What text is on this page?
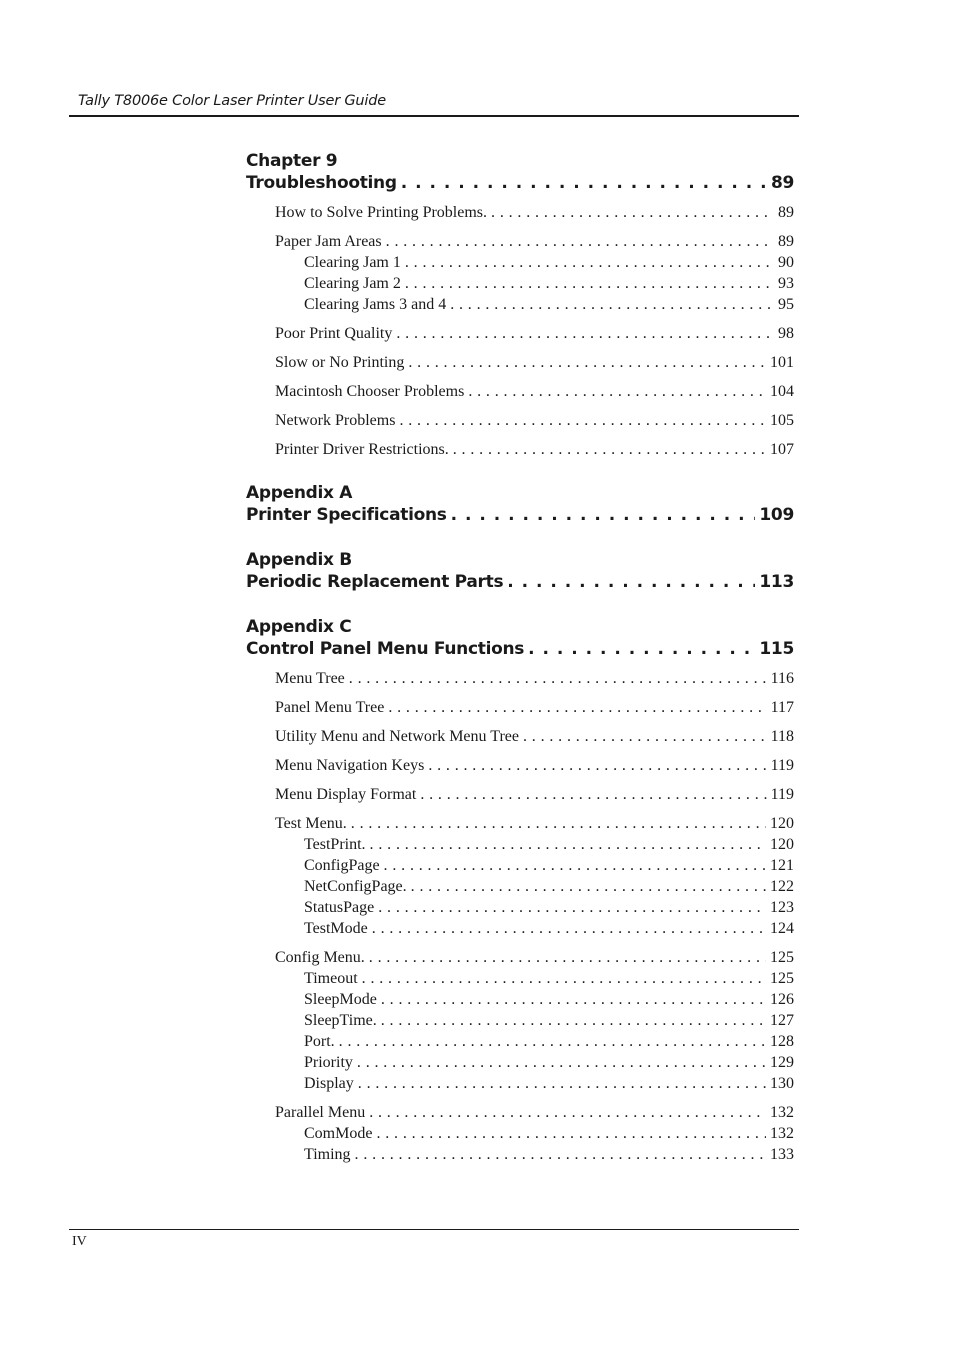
Tally T8006e Color Laser Printer User Guide
Chapter 9
Troubleshooting . . .	89
How to Solve Printing Problems. . . .	89
Paper Jam Areas . . .	89
Clearing Jam 1 . . .	90
Clearing Jam 2 . . .	93
Clearing Jams 3 and 4 . . .	95
Poor Print Quality . . .	98
Slow or No Printing . . .	101
Macintosh Chooser Problems . . .	104
Network Problems . . .	105
Printer Driver Restrictions. . . .	107
Appendix A
Printer Specifications . . .	109
Appendix B
Periodic Replacement Parts . . .	113
Appendix C
Control Panel Menu Functions . . .	115
Menu Tree . . .	116
Panel Menu Tree . . .	117
Utility Menu and Network Menu Tree . . .	118
Menu Navigation Keys . . .	119
Menu Display Format . . .	119
Test Menu. . . .	120
TestPrint. . . .	120
ConfigPage . . .	121
NetConfigPage. . . .	122
StatusPage . . .	123
TestMode . . .	124
Config Menu. . . .	125
Timeout . . .	125
SleepMode . . .	126
SleepTime. . . .	127
Port. . . .	128
Priority . . .	129
Display . . .	130
Parallel Menu . . .	132
ComMode . . .	132
Timing . . .	133
IV
